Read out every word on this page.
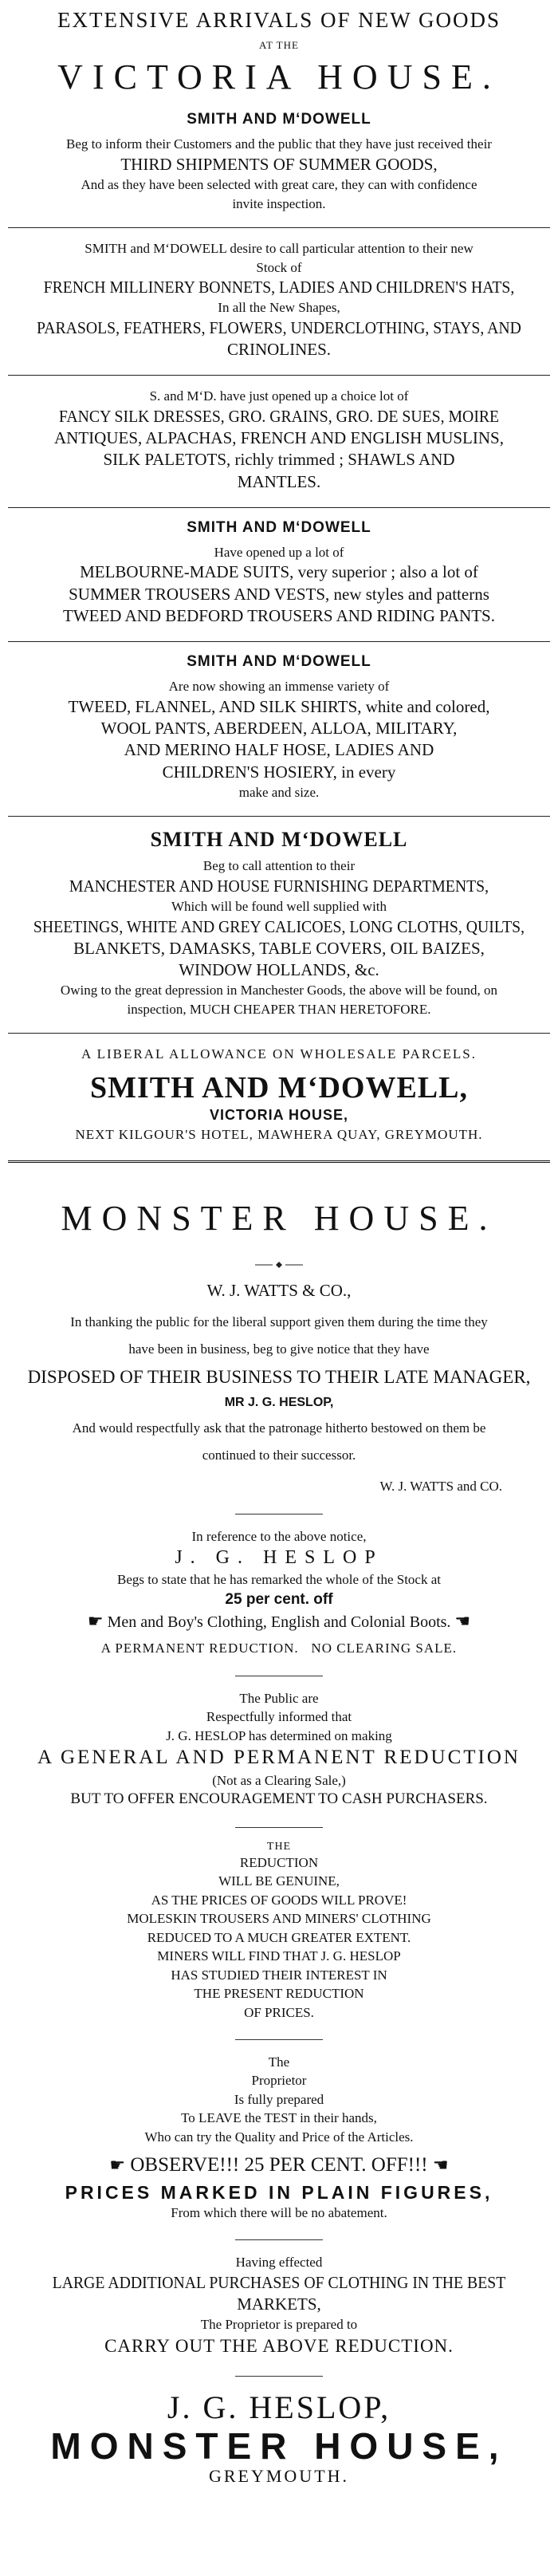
EXTENSIVE ARRIVALS OF NEW GOODS
AT THE
VICTORIA HOUSE.
SMITH AND M‘DOWELL
Beg to inform their Customers and the public that they have just received their
THIRD SHIPMENTS OF SUMMER GOODS,
And as they have been selected with great care, they can with confidence
invite inspection.
SMITH and M‘DOWELL desire to call particular attention to their new
Stock of
FRENCH MILLINERY BONNETS, LADIES AND CHILDREN'S HATS,
In all the New Shapes,
PARASOLS, FEATHERS, FLOWERS, UNDERCLOTHING, STAYS, AND
CRINOLINES.
S. and M‘D. have just opened up a choice lot of
FANCY SILK DRESSES, GRO. GRAINS, GRO. DE SUES, MOIRE
ANTIQUES, ALPACHAS, FRENCH AND ENGLISH MUSLINS,
SILK PALETOTS, richly trimmed ; SHAWLS AND
MANTLES.
SMITH AND M‘DOWELL
Have opened up a lot of
MELBOURNE-MADE SUITS, very superior ; also a lot of
SUMMER TROUSERS AND VESTS, new styles and patterns
TWEED AND BEDFORD TROUSERS AND RIDING PANTS.
SMITH AND M‘DOWELL
Are now showing an immense variety of
TWEED, FLANNEL, AND SILK SHIRTS, white and colored,
WOOL PANTS, ABERDEEN, ALLOA, MILITARY,
AND MERINO HALF HOSE, LADIES AND
CHILDREN'S HOSIERY, in every
make and size.
SMITH AND M‘DOWELL
Beg to call attention to their
MANCHESTER AND HOUSE FURNISHING DEPARTMENTS,
Which will be found well supplied with
SHEETINGS, WHITE AND GREY CALICOES, LONG CLOTHS, QUILTS,
BLANKETS, DAMASKS, TABLE COVERS, OIL BAIZES,
WINDOW HOLLANDS, &c.
Owing to the great depression in Manchester Goods, the above will be found, on
inspection, MUCH CHEAPER THAN HERETOFORE.
A LIBERAL ALLOWANCE ON WHOLESALE PARCELS.
SMITH AND M‘DOWELL,
VICTORIA HOUSE,
NEXT KILGOUR'S HOTEL, MAWHERA QUAY, GREYMOUTH.
MONSTER HOUSE.
W. J. WATTS & CO.,
In thanking the public for the liberal support given them during the time they
have been in business, beg to give notice that they have
DISPOSED OF THEIR BUSINESS TO THEIR LATE MANAGER,
MR J. G. HESLOP,
And would respectfully ask that the patronage hitherto bestowed on them be
continued to their successor.
W. J. WATTS and CO.
In reference to the above notice,
J. G. HESLOP
Begs to state that he has remarked the whole of the Stock at
25 per cent. off
☛ Men and Boy's Clothing, English and Colonial Boots. ☚
A PERMANENT REDUCTION.   NO CLEARING SALE.
The Public are
Respectfully informed that
J. G. HESLOP has determined on making
A GENERAL AND PERMANENT REDUCTION
(Not as a Clearing Sale,)
BUT TO OFFER ENCOURAGEMENT TO CASH PURCHASERS.
THE
REDUCTION
WILL BE GENUINE,
AS THE PRICES OF GOODS WILL PROVE!
MOLESKIN TROUSERS AND MINERS' CLOTHING
REDUCED TO A MUCH GREATER EXTENT.
MINERS WILL FIND THAT J. G. HESLOP
HAS STUDIED THEIR INTEREST IN
THE PRESENT REDUCTION
OF PRICES.
The
Proprietor
Is fully prepared
To LEAVE the TEST in their hands,
Who can try the Quality and Price of the Articles.
☛ OBSERVE!!! 25 PER CENT. OFF!!! ☚
PRICES MARKED IN PLAIN FIGURES,
From which there will be no abatement.
Having effected
LARGE ADDITIONAL PURCHASES OF CLOTHING IN THE BEST
MARKETS,
The Proprietor is prepared to
CARRY OUT THE ABOVE REDUCTION.
J. G. HESLOP,
MONSTER HOUSE,
GREYMOUTH.
